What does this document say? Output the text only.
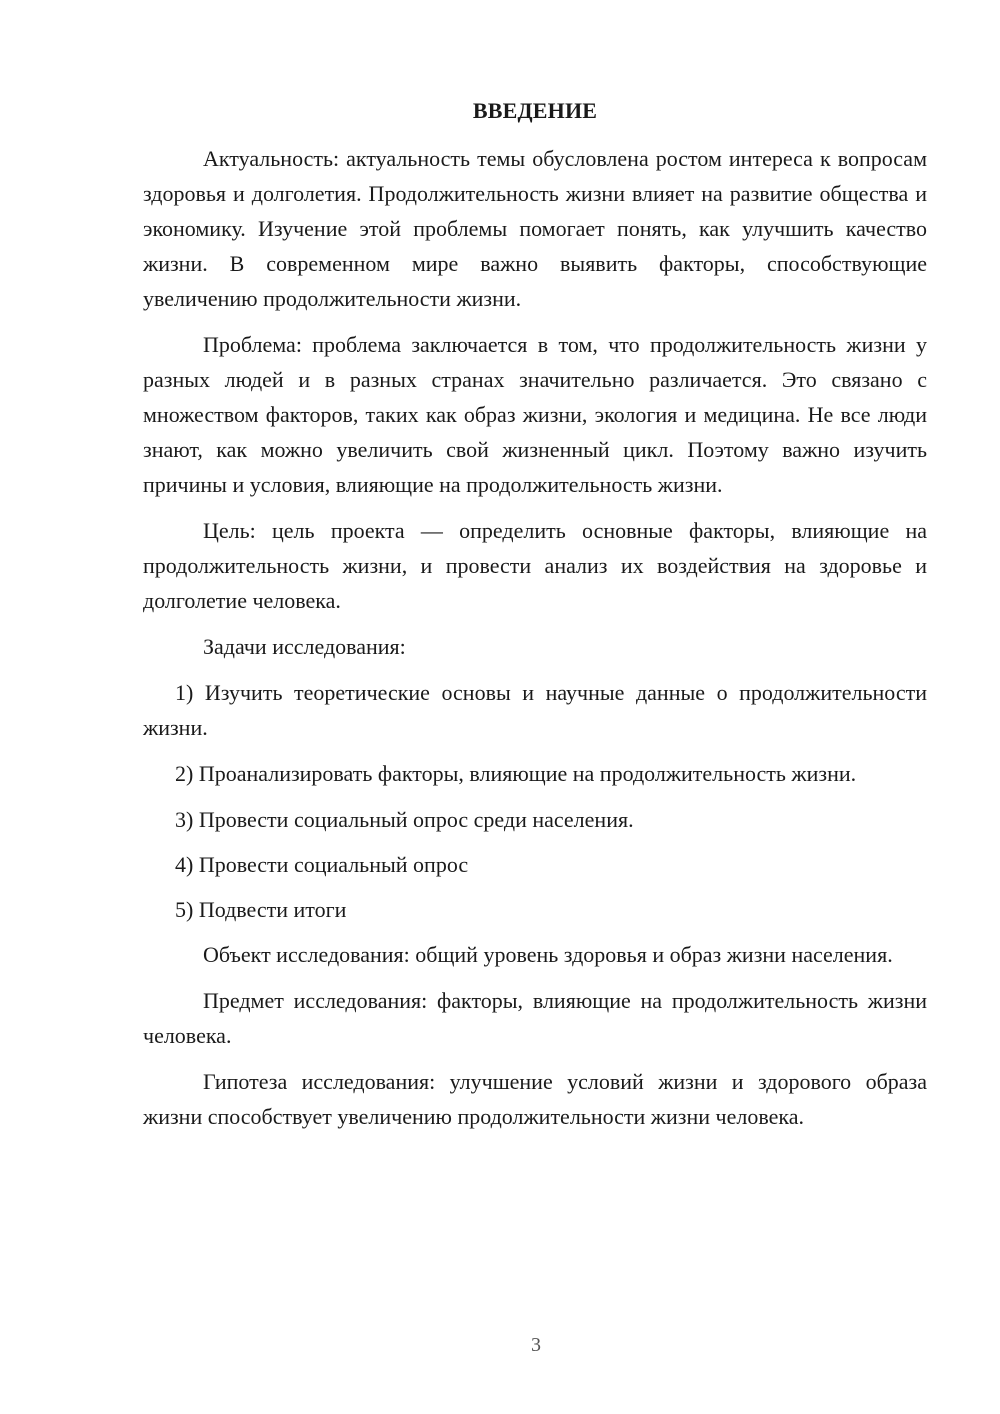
ВВЕДЕНИЕ

Актуальность: актуальность темы обусловлена ростом интереса к вопросам здоровья и долголетия. Продолжительность жизни влияет на развитие общества и экономику. Изучение этой проблемы помогает понять, как улучшить качество жизни. В современном мире важно выявить факторы, способствующие увеличению продолжительности жизни.

Проблема: проблема заключается в том, что продолжительность жизни у разных людей и в разных странах значительно различается. Это связано с множеством факторов, таких как образ жизни, экология и медицина. Не все люди знают, как можно увеличить свой жизненный цикл. Поэтому важно изучить причины и условия, влияющие на продолжительность жизни.

Цель: цель проекта — определить основные факторы, влияющие на продолжительность жизни, и провести анализ их воздействия на здоровье и долголетие человека.

Задачи исследования:

1) Изучить теоретические основы и научные данные о продолжительности жизни.

2) Проанализировать факторы, влияющие на продолжительность жизни.

3) Провести социальный опрос среди населения.

4) Провести социальный опрос

5) Подвести итоги

Объект исследования: общий уровень здоровья и образ жизни населения.

Предмет исследования: факторы, влияющие на продолжительность жизни человека.

Гипотеза исследования: улучшение условий жизни и здорового образа жизни способствует увеличению продолжительности жизни человека.

3
